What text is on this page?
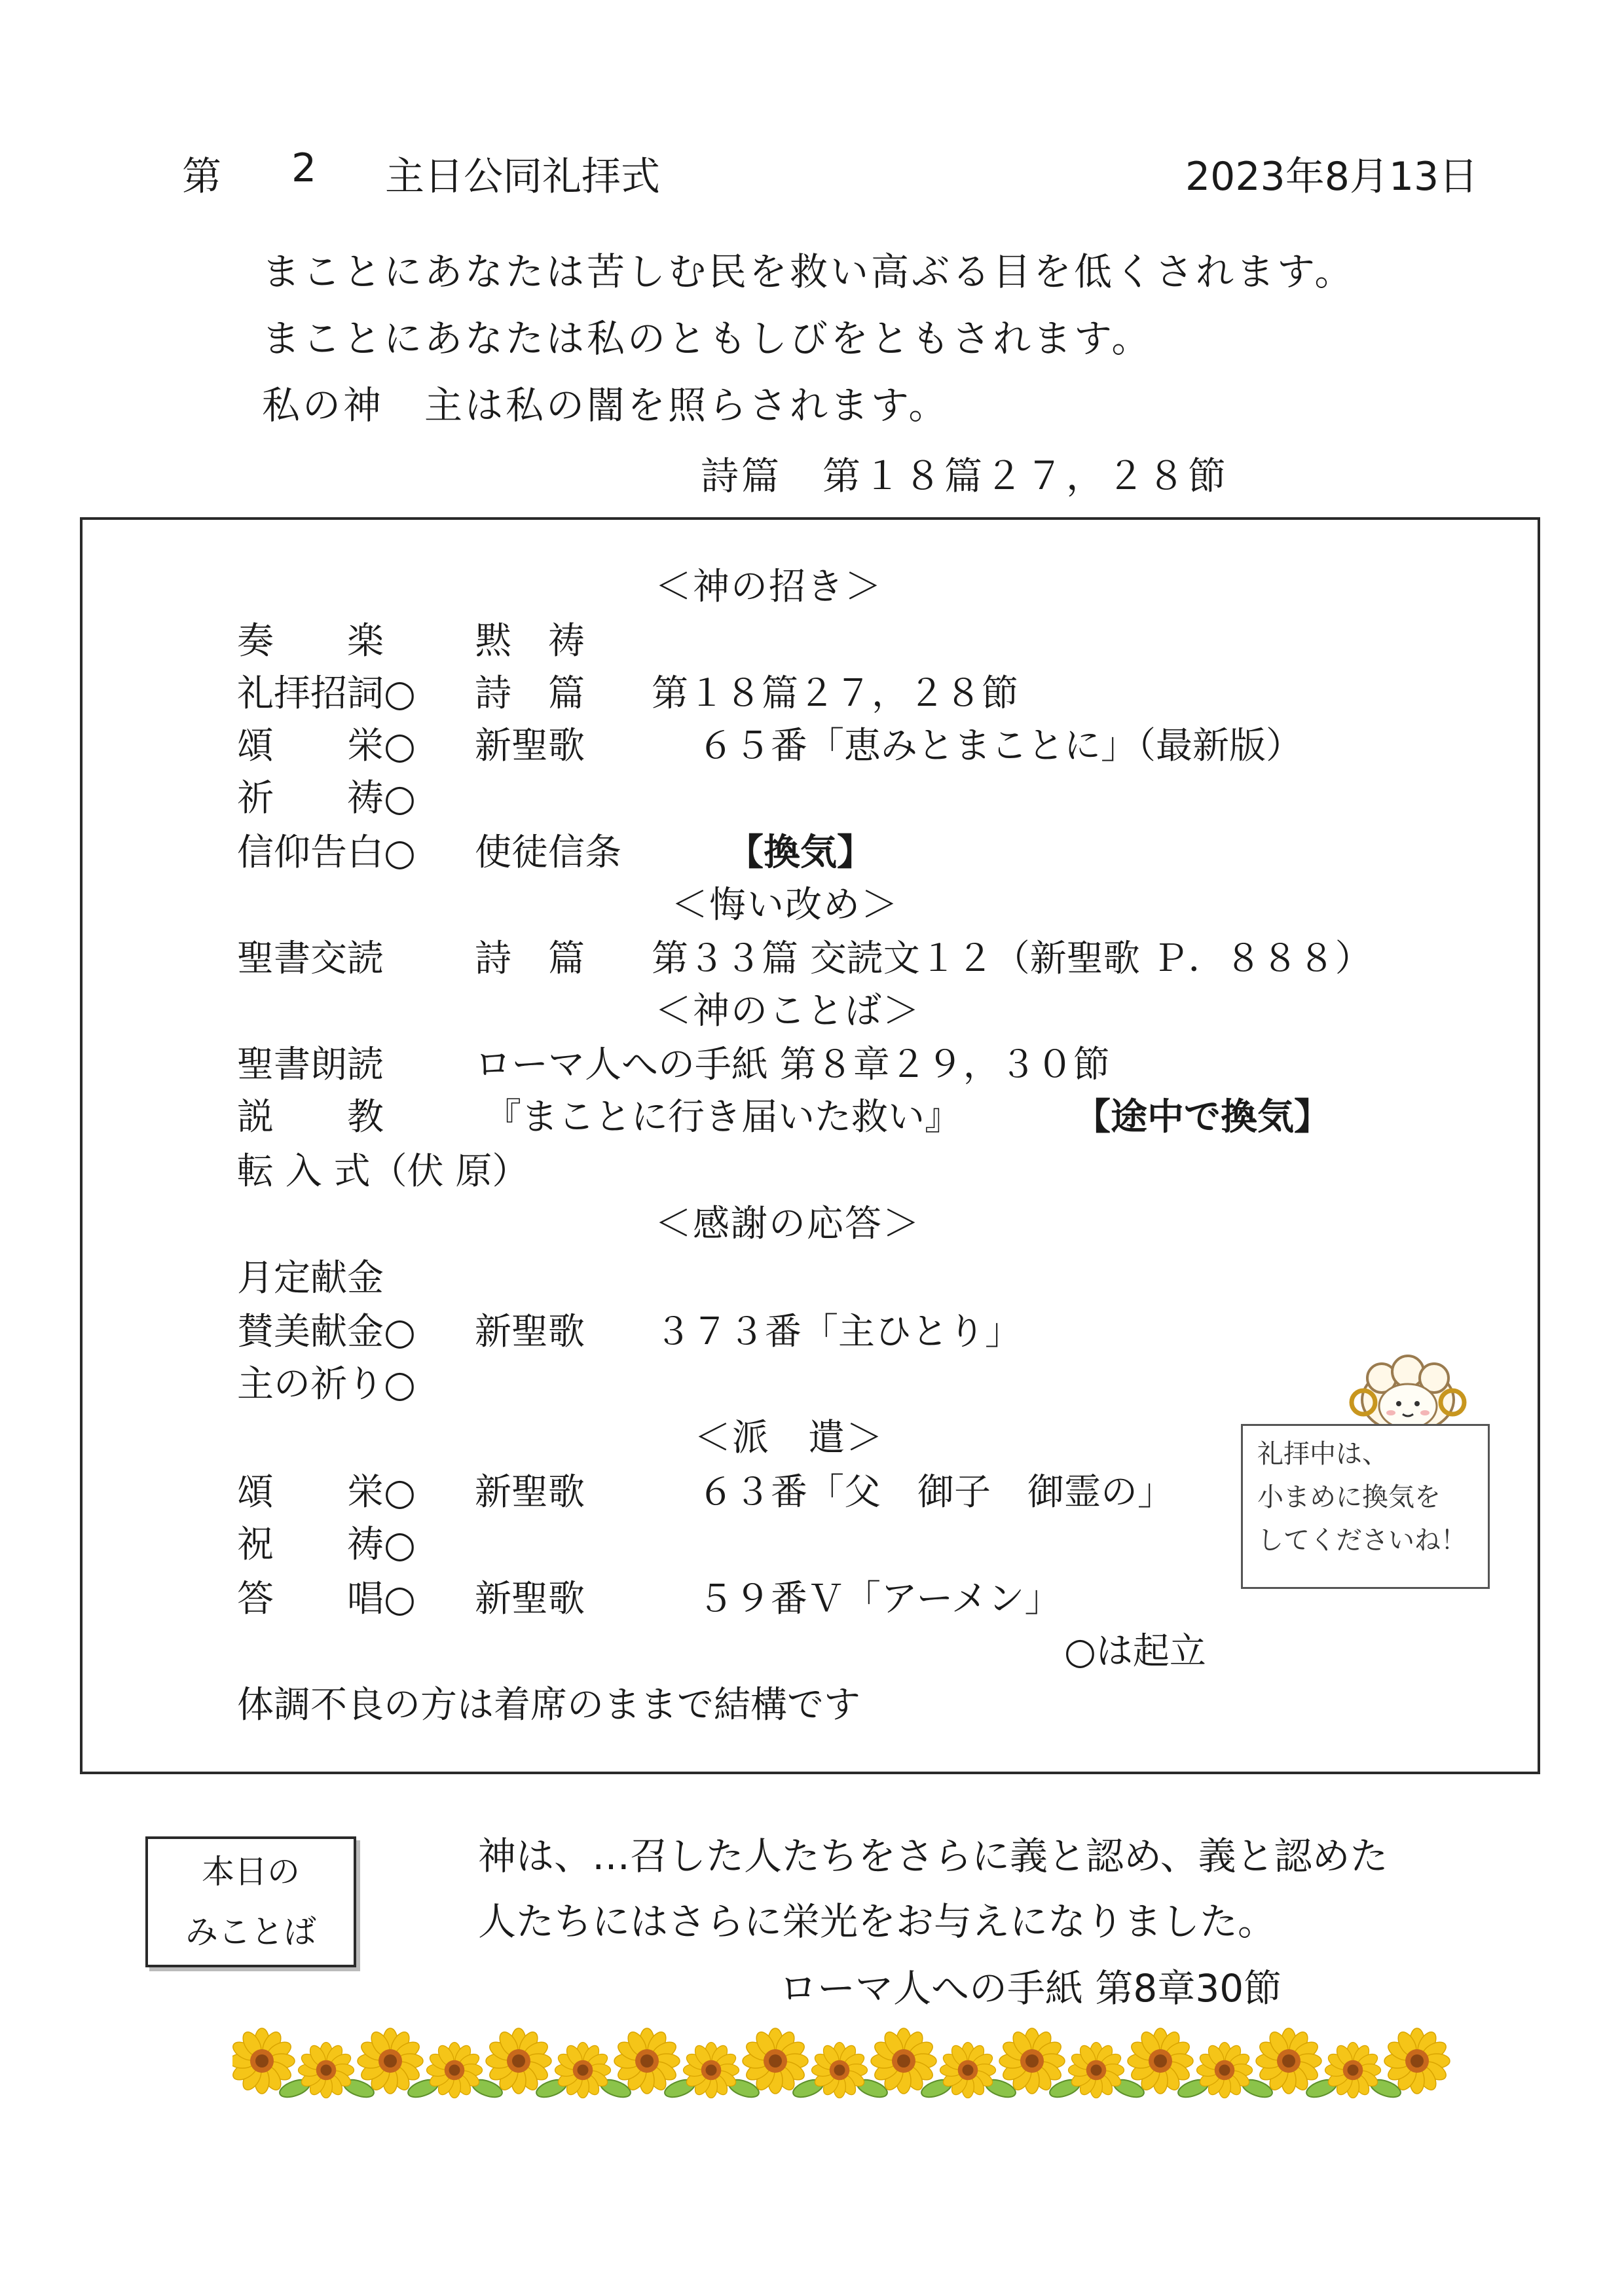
第 2 主日公同礼拝式	2023年8月13日
まことにあなたは苦しむ民を救い高ぶる目を低くされます。
まことにあなたは私のともしびをともされます。
私の神　主は私の闇を照らされます。
詩篇　第１８篇２７，２８節
＜神の招き＞
奏　　楽 黙　祷
礼拝招詞○ 詩　篇 第１８篇２７，２８節
頌　　栄○ 新聖歌	６５番「恵みとまことに」（最新版）
祈　　祷○
信仰告白○ 使徒信条	【換気】
＜悔い改め＞
聖書交読 詩　篇 第３３篇 交読文１２（新聖歌 Ｐ．８８８）
＜神のことば＞
聖書朗読 ローマ人への手紙 第８章２９，３０節
説　　教	『まことに行き届いた救い』	【途中で換気】
転 入 式（伏 原）
＜感謝の応答＞
月定献金
賛美献金○ 新聖歌 ３７３番「主ひとり」
主の祈り○
＜派　遣＞
頌　　栄○ 新聖歌	６３番「父　御子　御霊の」
祝　　祷○
答　　唱○ 新聖歌	５９番Ｖ「アーメン」
○は起立
体調不良の方は着席のままで結構です
礼拝中は、
小まめに換気を
してくださいね！
本日の
みことば
神は、…召した人たちをさらに義と認め、義と認めた
人たちにはさらに栄光をお与えになりました。
ローマ人への手紙 第8章30節
